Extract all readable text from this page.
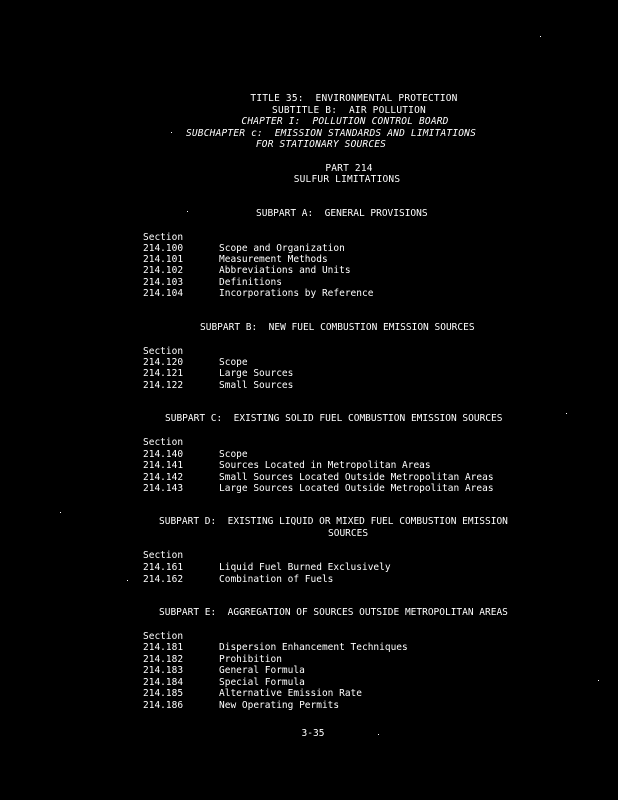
TITLE 35:  ENVIRONMENTAL PROTECTION
SUBTITLE B:  AIR POLLUTION
CHAPTER I:  POLLUTION CONTROL BOARD
SUBCHAPTER c:  EMISSION STANDARDS AND LIMITATIONS
FOR STATIONARY SOURCES
PART 214
SULFUR LIMITATIONS
SUBPART A:  GENERAL PROVISIONS
Section
214.100	Scope and Organization
214.101	Measurement Methods
214.102	Abbreviations and Units
214.103	Definitions
214.104	Incorporations by Reference
SUBPART B:  NEW FUEL COMBUSTION EMISSION SOURCES
Section
214.120	Scope
214.121	Large Sources
214.122	Small Sources
SUBPART C:  EXISTING SOLID FUEL COMBUSTION EMISSION SOURCES
Section
214.140	Scope
214.141	Sources Located in Metropolitan Areas
214.142	Small Sources Located Outside Metropolitan Areas
214.143	Large Sources Located Outside Metropolitan Areas
SUBPART D:  EXISTING LIQUID OR MIXED FUEL COMBUSTION EMISSION
SOURCES
Section
214.161	Liquid Fuel Burned Exclusively
214.162	Combination of Fuels
SUBPART E:  AGGREGATION OF SOURCES OUTSIDE METROPOLITAN AREAS
Section
214.181	Dispersion Enhancement Techniques
214.182	Prohibition
214.183	General Formula
214.184	Special Formula
214.185	Alternative Emission Rate
214.186	New Operating Permits
3-35
